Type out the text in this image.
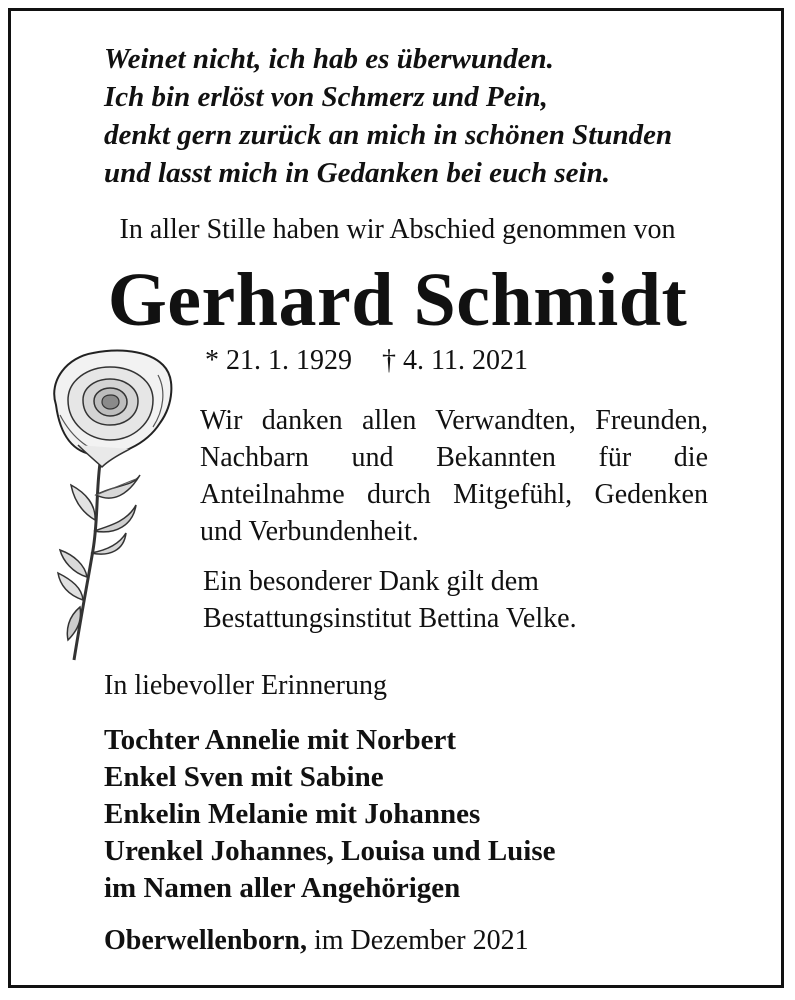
Weinet nicht, ich hab es überwunden.
Ich bin erlöst von Schmerz und Pein,
denkt gern zurück an mich in schönen Stunden
und lasst mich in Gedanken bei euch sein.
In aller Stille haben wir Abschied genommen von
Gerhard Schmidt
* 21. 1. 1929 † 4. 11. 2021
Wir danken allen Verwandten, Freunden, Nachbarn und Bekannten für die Anteilnahme durch Mitgefühl, Gedenken und Verbundenheit.
Ein besonderer Dank gilt dem
Bestattungsinstitut Bettina Velke.
In liebevoller Erinnerung
Tochter Annelie mit Norbert
Enkel Sven mit Sabine
Enkelin Melanie mit Johannes
Urenkel Johannes, Louisa und Luise
im Namen aller Angehörigen
Oberwellenborn, im Dezember 2021
